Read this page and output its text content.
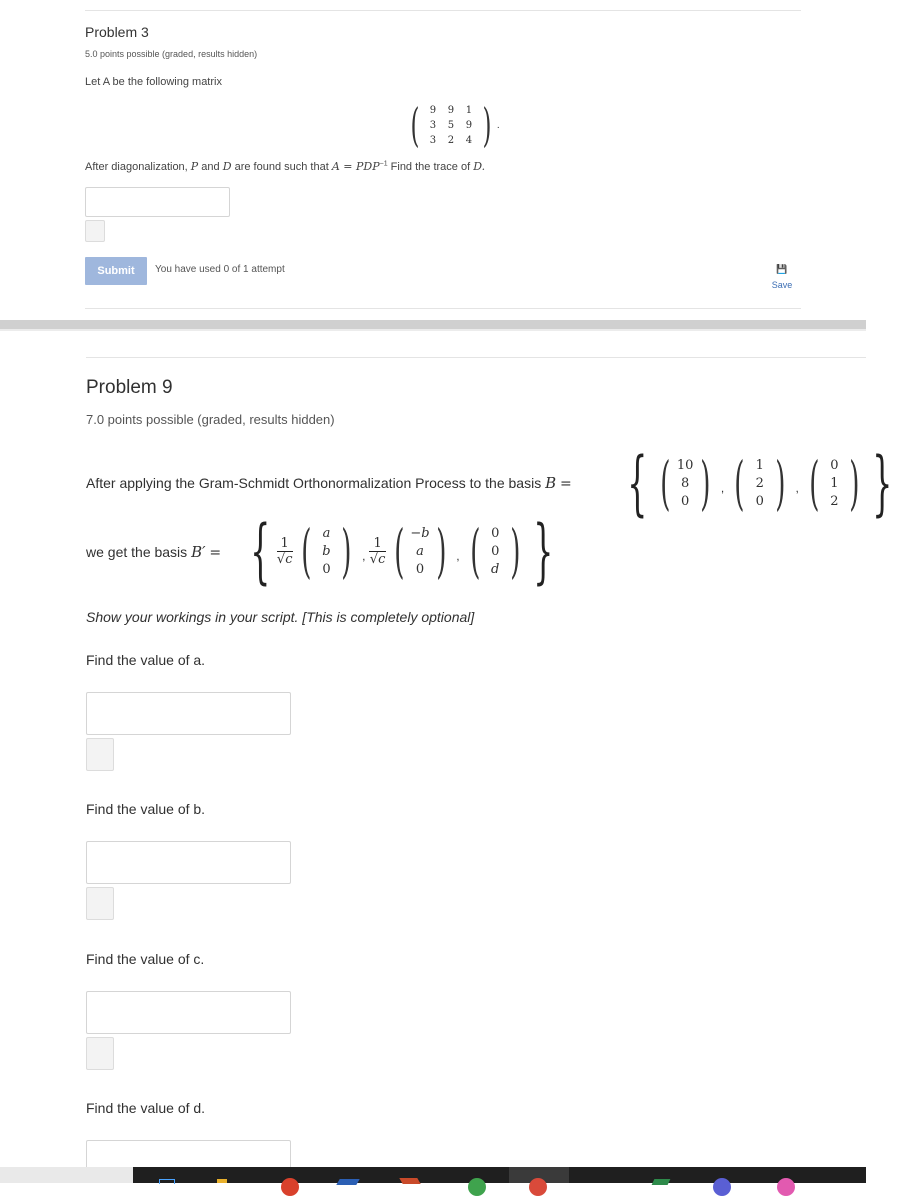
Problem 3
5.0 points possible (graded, results hidden)
Let A be the following matrix
(	9	9	1
3	5	9
3	2	4 ) .
After diagonalization, P and D are found such that $A = PDP^{-1}$ Find the trace of D.
Submit	You have used 0 of 1 attempt	💾
Save
Problem 9
7.0 points possible (graded, results hidden)
After applying the Gram-Schmidt Orthonormalization Process to the basis B = { ( 10
8
0 ) , ( 1
2
0 ) , ( 0
1
2 ) }
we get the basis B′ = { $\frac{1}{√c}$ ( a
b
0 ) , $\frac{1}{√c}$ ( −b
a
0 ) , ( 0
0
d ) }
Show your workings in your script. [This is completely optional]
Find the value of a.
Find the value of b.
Find the value of c.
Find the value of d.
